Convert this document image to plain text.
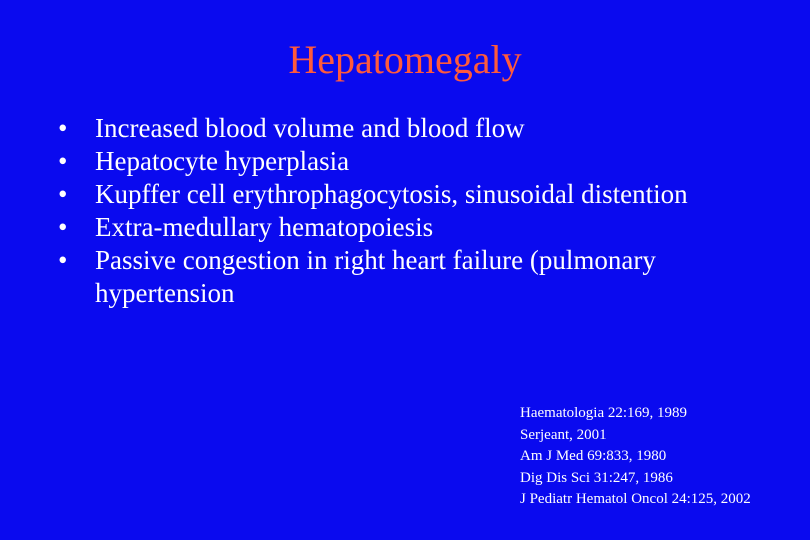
Hepatomegaly
•	Increased blood volume and blood flow
•	Hepatocyte hyperplasia
•	Kupffer cell erythrophagocytosis, sinusoidal distention
•	Extra-medullary hematopoiesis
•	Passive congestion in right heart failure (pulmonary hypertension
Haematologia 22:169, 1989
Serjeant, 2001
Am J Med 69:833, 1980
Dig Dis Sci 31:247, 1986
J Pediatr Hematol Oncol 24:125, 2002
